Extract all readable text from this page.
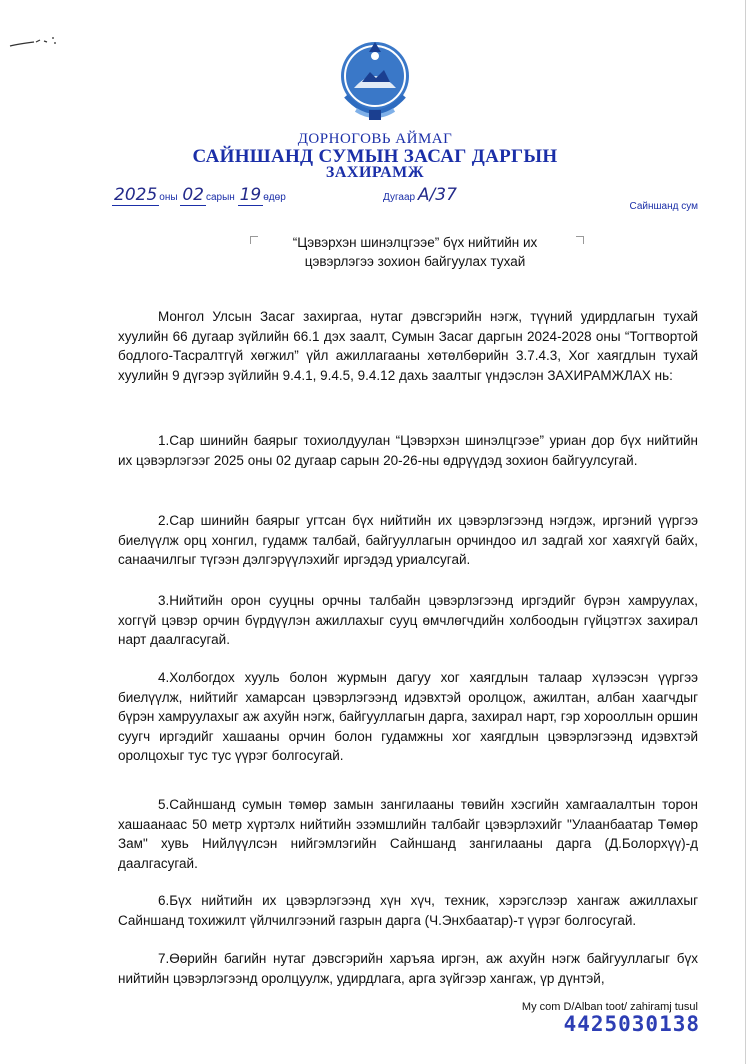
ДОРНОГОВЬ АЙМАГ
САЙНШАНД СУМЫН ЗАСАГ ДАРГЫН
ЗАХИРАМЖ
2025 оны 02 сарын 19 өдөр	Дугаар А/37
Сайншанд сум
“Цэвэрхэн шинэлцгээе” бүх нийтийн их
цэвэрлэгээ зохион байгуулах тухай
Монгол Улсын Засаг захиргаа, нутаг дэвсгэрийн нэгж, түүний удирдлагын тухай хуулийн 66 дугаар зүйлийн 66.1 дэх заалт, Сумын Засаг даргын 2024-2028 оны “Тогтвортой бодлого-Тасралтгүй хөгжил” үйл ажиллагааны хөтөлбөрийн 3.7.4.3, Хог хаягдлын тухай хуулийн 9 дүгээр зүйлийн 9.4.1, 9.4.5, 9.4.12 дахь заалтыг үндэслэн ЗАХИРАМЖЛАХ нь:
1.Сар шинийн баярыг тохиолдуулан “Цэвэрхэн шинэлцгээе” уриан дор бүх нийтийн их цэвэрлэгээг 2025 оны 02 дугаар сарын 20-26-ны өдрүүдэд зохион байгуулсугай.
2.Сар шинийн баярыг угтсан бүх нийтийн их цэвэрлэгээнд нэгдэж, иргэний үүргээ биелүүлж орц хонгил, гудамж талбай, байгууллагын орчиндоо ил задгай хог хаяхгүй байх, санаачилгыг түгээн дэлгэрүүлэхийг иргэдэд уриалсугай.
3.Нийтийн орон сууцны орчны талбайн цэвэрлэгээнд иргэдийг бүрэн хамруулах, хоггүй цэвэр орчин бүрдүүлэн ажиллахыг сууц өмчлөгчдийн холбоодын гүйцэтгэх захирал нарт даалгасугай.
4.Холбогдох хууль болон журмын дагуу хог хаягдлын талаар хүлээсэн үүргээ биелүүлж, нийтийг хамарсан цэвэрлэгээнд идэвхтэй оролцож, ажилтан, албан хаагчдыг бүрэн хамруулахыг аж ахуйн нэгж, байгууллагын дарга, захирал нарт, гэр хорооллын оршин суугч иргэдийг хашааны орчин болон гудамжны хог хаягдлын цэвэрлэгээнд идэвхтэй оролцохыг тус тус үүрэг болгосугай.
5.Сайншанд сумын төмөр замын зангилааны төвийн хэсгийн хамгаалалтын торон хашаанаас 50 метр хүртэлх нийтийн эзэмшлийн талбайг цэвэрлэхийг "Улаанбаатар Төмөр Зам" хувь Нийлүүлсэн нийгэмлэгийн Сайншанд зангилааны дарга (Д.Болорхүү)-д даалгасугай.
6.Бүх нийтийн их цэвэрлэгээнд хүн хүч, техник, хэрэгслээр хангаж ажиллахыг Сайншанд тохижилт үйлчилгээний газрын дарга (Ч.Энхбаатар)-т үүрэг болгосугай.
7.Өөрийн багийн нутаг дэвсгэрийн харъяа иргэн, аж ахуйн нэгж байгууллагыг бүх нийтийн цэвэрлэгээнд оролцуулж, удирдлага, арга зүйгээр хангаж, үр дүнтэй,
My com D/Alban toot/ zahiramj tusul
4425030138
